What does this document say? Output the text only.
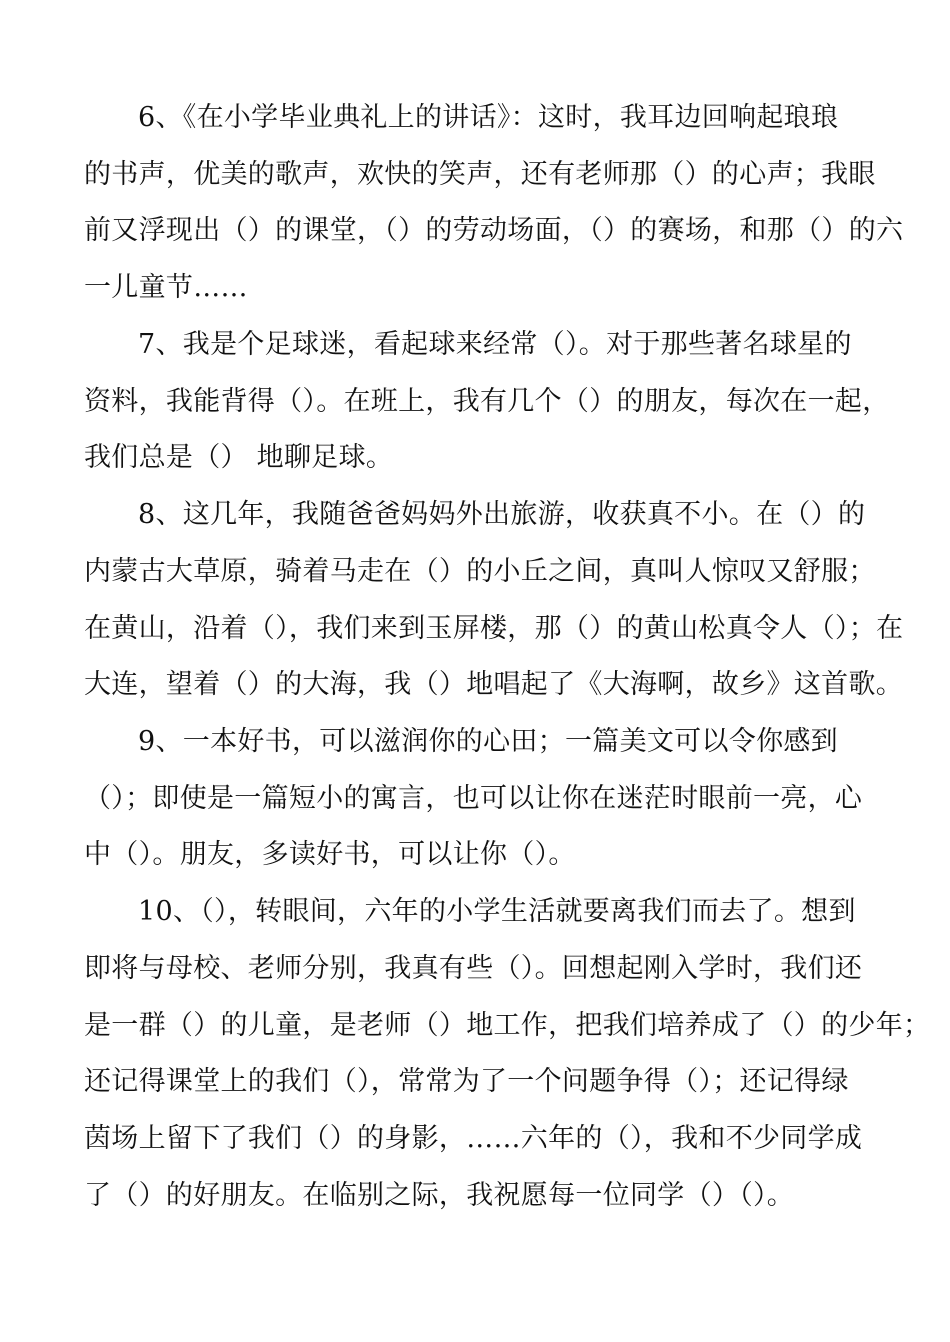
6、《在小学毕业典礼上的讲话》：这时，我耳边回响起琅琅
的书声，优美的歌声，欢快的笑声，还有老师那（）的心声；我眼
前又浮现出（）的课堂，（）的劳动场面，（）的赛场，和那（）的六
一儿童节……
7、我是个足球迷，看起球来经常（）。对于那些著名球星的
资料，我能背得（）。在班上，我有几个（）的朋友，每次在一起，
我们总是（） 地聊足球。
8、这几年，我随爸爸妈妈外出旅游，收获真不小。在（）的
内蒙古大草原，骑着马走在（）的小丘之间，真叫人惊叹又舒服；
在黄山，沿着（），我们来到玉屏楼，那（）的黄山松真令人（）；在
大连，望着（）的大海，我（）地唱起了《大海啊，故乡》这首歌。
9、一本好书，可以滋润你的心田；一篇美文可以令你感到
（）；即使是一篇短小的寓言，也可以让你在迷茫时眼前一亮，心
中（）。朋友，多读好书，可以让你（）。
10、（），转眼间，六年的小学生活就要离我们而去了。想到
即将与母校、老师分别，我真有些（）。回想起刚入学时，我们还
是一群（）的儿童，是老师（）地工作，把我们培养成了（）的少年；
还记得课堂上的我们（），常常为了一个问题争得（）；还记得绿
茵场上留下了我们（）的身影，……六年的（），我和不少同学成
了（）的好朋友。在临别之际，我祝愿每一位同学（）（）。
